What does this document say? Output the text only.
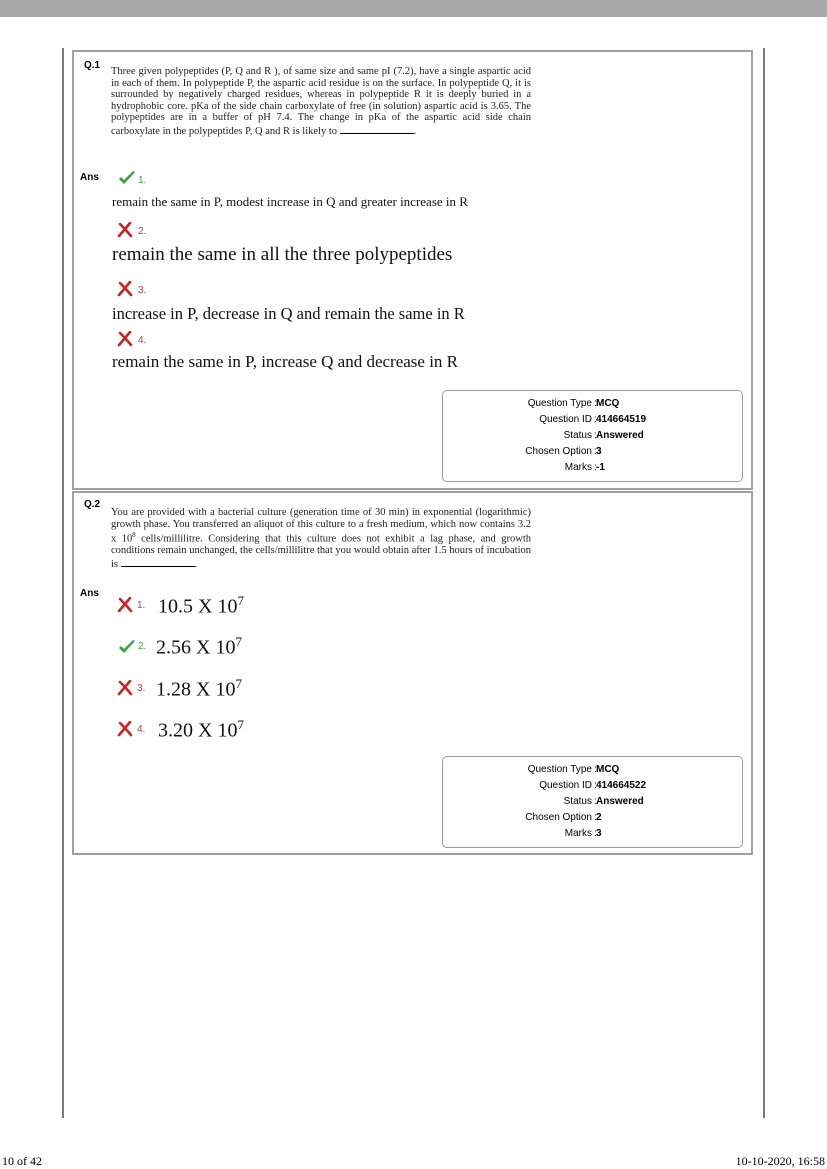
Q.1
Three given polypeptides (P, Q and R ), of same size and same pI (7.2), have a single aspartic acid in each of them. In polypeptide P, the aspartic acid residue is on the surface. In polypeptide Q, it is surrounded by negatively charged residues, whereas in polypeptide R it is deeply buried in a hydrophobic core. pKa of the side chain carboxylate of free (in solution) aspartic acid is 3.65. The polypeptides are in a buffer of pH 7.4. The change in pKa of the aspartic acid side chain carboxylate in the polypeptides P, Q and R is likely to	.
Ans	1.
remain the same in P, modest increase in Q and greater increase in R
2.
remain the same in all the three polypeptides
3.
increase in P, decrease in Q and remain the same in R
4.
remain the same in P, increase Q and decrease in R
Question Type : MCQ
Question ID : 414664519
Status : Answered
Chosen Option : 3
Marks : -1
Q.2
You are provided with a bacterial culture (generation time of 30 min) in exponential (logarithmic) growth phase. You transferred an aliquot of this culture to a fresh medium, which now contains 3.2 x $10^8$ cells/millilitre. Considering that this culture does not exhibit a lag phase, and growth conditions remain unchanged, the cells/millilitre that you would obtain after 1.5 hours of incubation is	.
Ans
1. 10.5 X $10^7$
2. 2.56 X $10^7$
3. 1.28 X $10^7$
4. 3.20 X $10^7$
Question Type : MCQ
Question ID : 414664522
Status : Answered
Chosen Option : 2
Marks : 3
10 of 42	10-10-2020, 16:58
